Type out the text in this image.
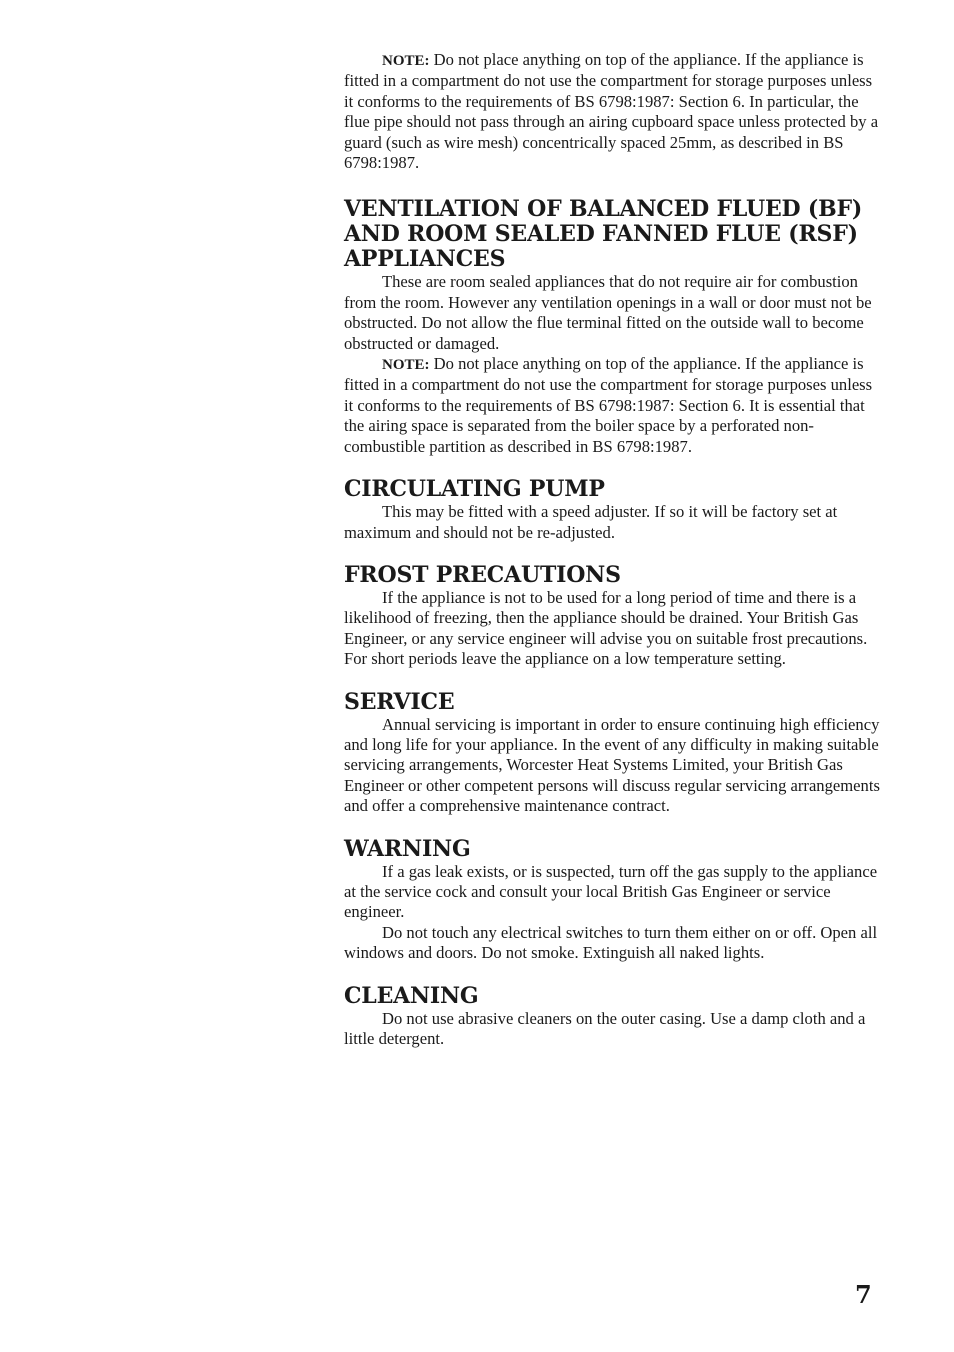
NOTE: Do not place anything on top of the appliance. If the appliance is fitted in a compartment do not use the compartment for storage purposes unless it conforms to the requirements of BS 6798:1987: Section 6. In particular, the flue pipe should not pass through an airing cupboard space unless protected by a guard (such as wire mesh) concentrically spaced 25mm, as described in BS 6798:1987.

VENTILATION OF BALANCED FLUED (BF)
AND ROOM SEALED FANNED FLUE (RSF)
APPLIANCES

These are room sealed appliances that do not require air for combustion from the room. However any ventilation openings in a wall or door must not be obstructed. Do not allow the flue terminal fitted on the outside wall to become obstructed or damaged.

NOTE: Do not place anything on top of the appliance. If the appliance is fitted in a compartment do not use the compartment for storage purposes unless it conforms to the requirements of BS 6798:1987: Section 6. It is essential that the airing space is separated from the boiler space by a perforated non-combustible partition as described in BS 6798:1987.

CIRCULATING PUMP

This may be fitted with a speed adjuster. If so it will be factory set at maximum and should not be re-adjusted.

FROST PRECAUTIONS

If the appliance is not to be used for a long period of time and there is a likelihood of freezing, then the appliance should be drained. Your British Gas Engineer, or any service engineer will advise you on suitable frost precautions. For short periods leave the appliance on a low temperature setting.

SERVICE

Annual servicing is important in order to ensure continuing high efficiency and long life for your appliance. In the event of any difficulty in making suitable servicing arrangements, Worcester Heat Systems Limited, your British Gas Engineer or other competent persons will discuss regular servicing arrangements and offer a comprehensive maintenance contract.

WARNING

If a gas leak exists, or is suspected, turn off the gas supply to the appliance at the service cock and consult your local British Gas Engineer or service engineer.

Do not touch any electrical switches to turn them either on or off. Open all windows and doors. Do not smoke. Extinguish all naked lights.

CLEANING

Do not use abrasive cleaners on the outer casing. Use a damp cloth and a little detergent.

7
